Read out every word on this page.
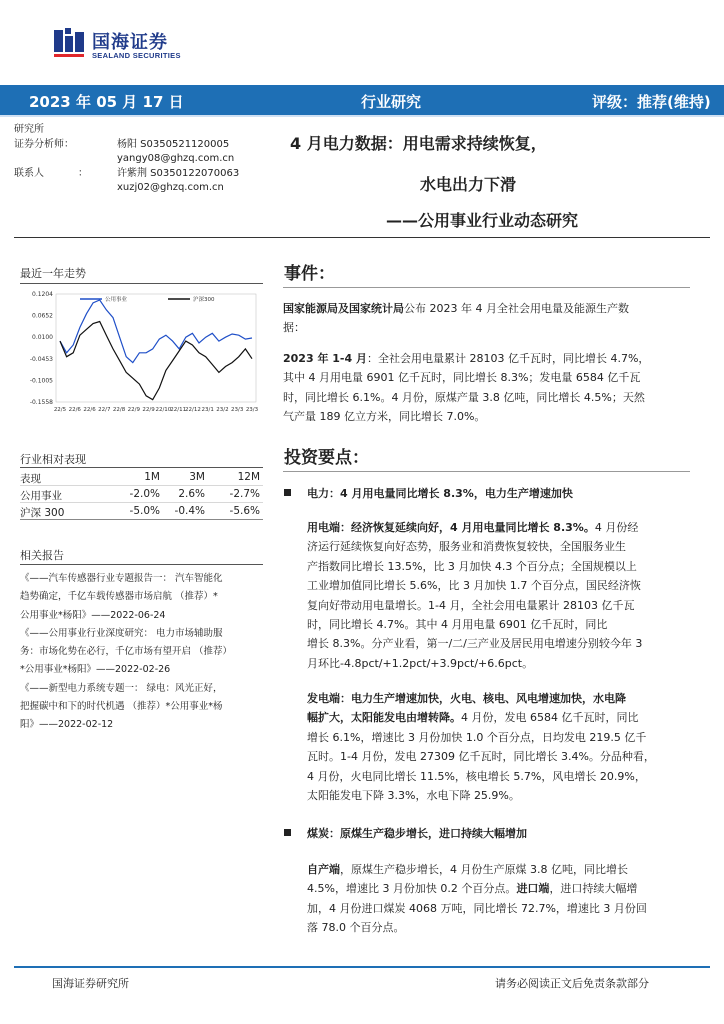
国海证券
SEALAND SECURITIES
2023 年 05 月 17 日	行业研究	评级：推荐(维持)
研究所
证券分析师：	杨阳 S0350521120005
yangy08@ghzq.com.cn
联系人	：	许紫荆 S0350122070063
xuzj02@ghzq.com.cn
4 月电力数据：用电需求持续恢复，
水电出力下滑
——公用事业行业动态研究
最近一年走势
0.1204
0.0652
0.0100
-0.0453
-0.1005
-0.1558
22/5 22/6 22/6 22/7 22/8 22/9 22/9 22/10
22/11
22/12 23/1 23/2 23/3 23/3
公用事业	沪深300
行业相对表现
表现	1M	3M	12M
公用事业	-2.0% 2.6% -2.7%
沪深 300	-5.0% -0.4% -5.6%
相关报告
《——汽车传感器行业专题报告一： 汽车智能化
趋势确定，千亿车载传感器市场启航 （推荐）*
公用事业*杨阳》——2022-06-24
《——公用事业行业深度研究： 电力市场辅助服
务：市场化势在必行，千亿市场有望开启 （推荐）
*公用事业*杨阳》——2022-02-26
《——新型电力系统专题一： 绿电：风光正好，
把握碳中和下的时代机遇 （推荐）*公用事业*杨
阳》——2022-02-12
事件：

国家能源局及国家统计局公布 2023 年 4 月全社会用电量及能源生产数

据：

2023 年 1-4 月：全社会用电量累计 28103 亿千瓦时，同比增长 4.7%，

其中 4 月用电量 6901 亿千瓦时，同比增长 8.3%；发电量 6584 亿千瓦

时，同比增长 6.1%。4 月份，原煤产量 3.8 亿吨，同比增长 4.5%；天然

气产量 189 亿立方米，同比增长 7.0%。

投资要点：
电力：4 月用电量同比增长 8.3%，电力生产增速加快

用电端：经济恢复延续向好，4 月用电量同比增长 8.3%。4 月份经

济运行延续恢复向好态势，服务业和消费恢复较快，全国服务业生

产指数同比增长 13.5%，比 3 月加快 4.3 个百分点；全国规模以上

工业增加值同比增长 5.6%，比 3 月加快 1.7 个百分点，国民经济恢

复向好带动用电量增长。1-4 月，全社会用电量累计 28103 亿千瓦

时，同比增长 4.7%。其中 4 月用电量 6901 亿千瓦时，同比

增长 8.3%。分产业看，第一/二/三产业及居民用电增速分别较今年 3

月环比-4.8pct/+1.2pct/+3.9pct/+6.6pct。

发电端：电力生产增速加快，火电、核电、风电增速加快，水电降

幅扩大，太阳能发电由增转降。4 月份，发电 6584 亿千瓦时，同比

增长 6.1%，增速比 3 月份加快 1.0 个百分点，日均发电 219.5 亿千

瓦时。1-4 月份，发电 27309 亿千瓦时，同比增长 3.4%。分品种看，

4 月份，火电同比增长 11.5%，核电增长 5.7%，风电增长 20.9%，

太阳能发电下降 3.3%，水电下降 25.9%。

煤炭：原煤生产稳步增长，进口持续大幅增加

自产端，原煤生产稳步增长，4 月份生产原煤 3.8 亿吨，同比增长

4.5%，增速比 3 月份加快 0.2 个百分点。进口端，进口持续大幅增

加，4 月份进口煤炭 4068 万吨，同比增长 72.7%，增速比 3 月份回

落 78.0 个百分点。

国海证券研究所	请务必阅读正文后免责条款部分
